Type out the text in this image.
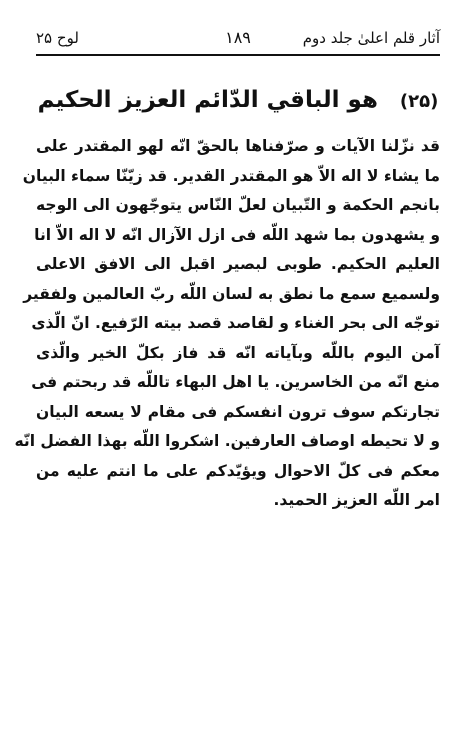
آثار قلم اعلیٰ جلد دوم
۱۸۹
لوح ۲۵
(۲۵) هو الباقي الدّائم العزيز الحكيم
قد نزّلنا الآيات و صرّفناها بالحقّ انّه لهو المقتدر على
ما يشاء لا اله الاّ هو المقتدر القدير. قد زيّنّا سماء البيان
بانجم الحكمة و التّبيان لعلّ النّاس يتوجّهون الى الوجه
و يشهدون بما شهد اللّه فى ازل الآزال انّه لا اله الاّ انا
العليم الحكيم. طوبى لبصير اقبل الى الافق الاعلى
ولسميع سمع ما نطق به لسان اللّه ربّ العالمين ولفقير
توجّه الى بحر الغناء و لقاصد قصد بيته الرّفيع. انّ الّذى
آمن اليوم باللّه وبآياته انّه قد فاز بكلّ الخير والّذى
منع انّه من الخاسرين. يا اهل البهاء تاللّه قد ربحتم فى
تجارتكم سوف ترون انفسكم فى مقام لا يسعه البيان
و لا تحيطه اوصاف العارفين. اشكروا اللّه بهذا الفضل انّه
معكم فى كلّ الاحوال ويؤيّدكم على ما انتم عليه من
امر اللّه العزيز الحميد.
